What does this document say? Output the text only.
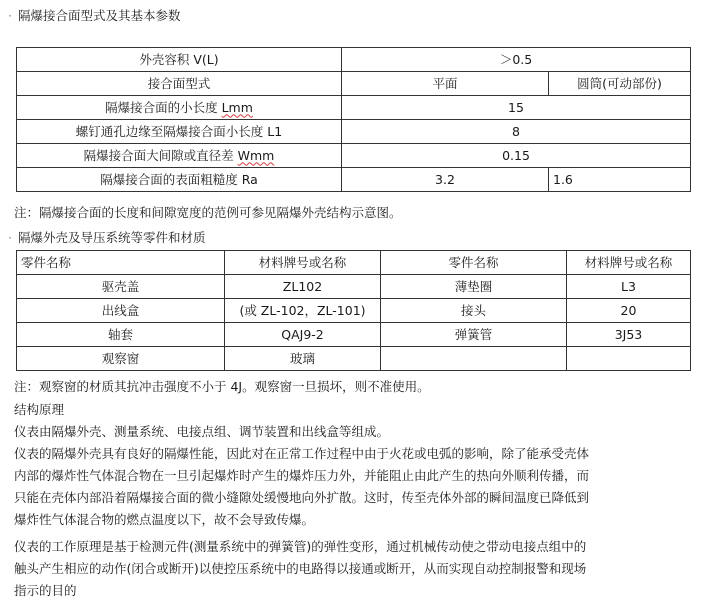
· 隔爆接合面型式及其基本参数
外壳容积 V(L)	＞0.5	
接合面型式	平面	圆筒(可动部份)
隔爆接合面的小长度 Lmm	15	
螺钉通孔边缘至隔爆接合面小长度 L1	8	
隔爆接合面大间隙或直径差 Wmm	0.15	
隔爆接合面的表面粗糙度 Ra	3.2	1.6
注：隔爆接合面的长度和间隙宽度的范例可参见隔爆外壳结构示意图。
· 隔爆外壳及导压系统等零件和材质
零件名称	材料牌号或名称	零件名称	材料牌号或名称
驱壳盖	ZL102	薄垫圈	L3
出线盒	(或 ZL-102，ZL-101)	接头	20
轴套	QAJ9-2	弹簧管	3J53
观察窗	玻璃		
注：观察窗的材质其抗冲击强度不小于 4J。观察窗一旦损坏，则不准使用。
结构原理
仪表由隔爆外壳、测量系统、电接点组、调节装置和出线盒等组成。
仪表的隔爆外壳具有良好的隔爆性能，因此对在正常工作过程中由于火花或电弧的影响，除了能承受壳体
内部的爆炸性气体混合物在一旦引起爆炸时产生的爆炸压力外，并能阻止由此产生的热向外顺利传播，而
只能在壳体内部沿着隔爆接合面的微小缝隙处缓慢地向外扩散。这时，传至壳体外部的瞬间温度已降低到
爆炸性气体混合物的燃点温度以下，故不会导致传爆。
仪表的工作原理是基于检测元件(测量系统中的弹簧管)的弹性变形，通过机械传动使之带动电接点组中的
触头产生相应的动作(闭合或断开)以使控压系统中的电路得以接通或断开，从而实现自动控制报警和现场
指示的目的
